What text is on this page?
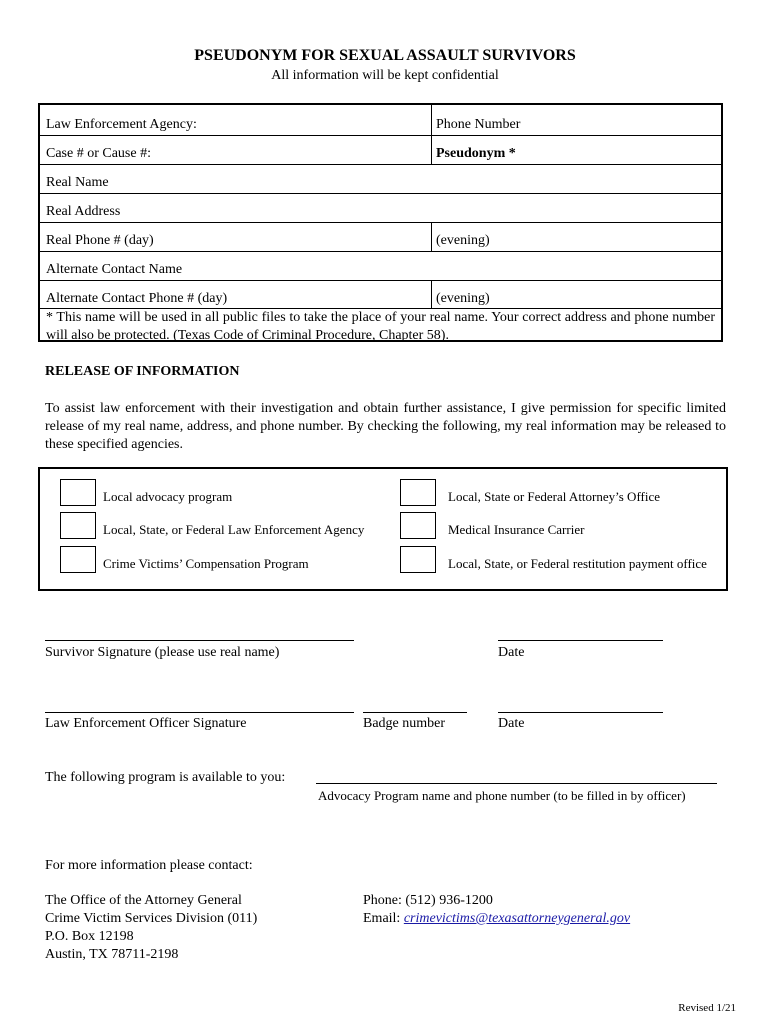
PSEUDONYM FOR SEXUAL ASSAULT SURVIVORS
All information will be kept confidential
Law Enforcement Agency:	Phone Number
Case # or Cause #:	Pseudonym *
Real Name
Real Address
Real Phone # (day)	(evening)
Alternate Contact Name
Alternate Contact Phone # (day)	(evening)
* This name will be used in all public files to take the place of your real name. Your correct address and phone number will also be protected. (Texas Code of Criminal Procedure, Chapter 58).
RELEASE OF INFORMATION
To assist law enforcement with their investigation and obtain further assistance, I give permission for specific limited release of my real name, address, and phone number. By checking the following, my real information may be released to these specified agencies.
Local advocacy program
Local, State, or Federal Law Enforcement Agency
Crime Victims’ Compensation Program
Local, State or Federal Attorney’s Office
Medical Insurance Carrier
Local, State, or Federal restitution payment office
Survivor Signature (please use real name)	Date
Law Enforcement Officer Signature	Badge number	Date
The following program is available to you:
Advocacy Program name and phone number (to be filled in by officer)
For more information please contact:
The Office of the Attorney General
Crime Victim Services Division (011)
P.O. Box 12198
Austin, TX 78711-2198
Phone: (512) 936-1200
Email: crimevictims@texasattorneygeneral.gov
Revised 1/21
